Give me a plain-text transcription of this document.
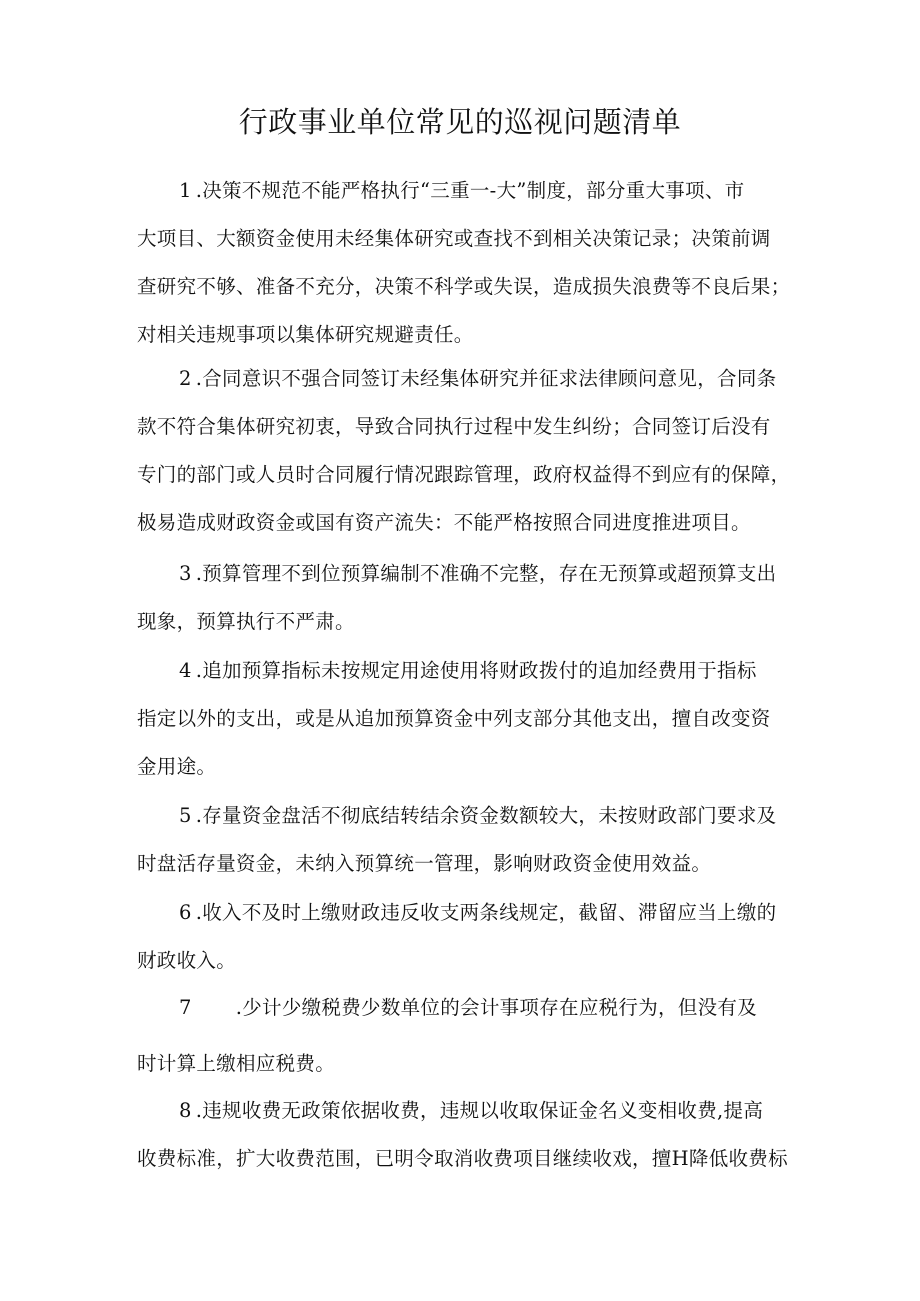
行政事业单位常见的巡视问题清单
1 .决策不规范不能严格执行“三重一-大”制度，部分重大事项、市
大项目、大额资金使用未经集体研究或查找不到相关决策记录；决策前调
查研究不够、准备不充分，决策不科学或失误，造成损失浪费等不良后果；
对相关违规事项以集体研究规避责任。
2 .合同意识不强合同签订未经集体研究并征求法律顾问意见，合同条
款不符合集体研究初衷，导致合同执行过程中发生纠纷；合同签订后没有
专门的部门或人员时合同履行情况跟踪管理，政府权益得不到应有的保障，
极易造成财政资金或国有资产流失：不能严格按照合同进度推进项目。
3 .预算管理不到位预算编制不准确不完整，存在无预算或超预算支出
现象，预算执行不严肃。
4 .追加预算指标未按规定用途使用将财政拨付的追加经费用于指标
指定以外的支出，或是从追加预算资金中列支部分其他支出，擅自改变资
金用途。
5 .存量资金盘活不彻底结转结余资金数额较大，未按财政部门要求及
时盘活存量资金，未纳入预算统一管理，影响财政资金使用效益。
6 .收入不及时上缴财政违反收支两条线规定，截留、滞留应当上缴的
财政收入。
7 .少计少缴税费少数单位的会计事项存在应税行为，但没有及
时计算上缴相应税费。
8 .违规收费无政策依据收费，违规以收取保证金名义变相收费,提高
收费标准，扩大收费范围，已明令取消收费项目继续收戏，擅H降低收费标
